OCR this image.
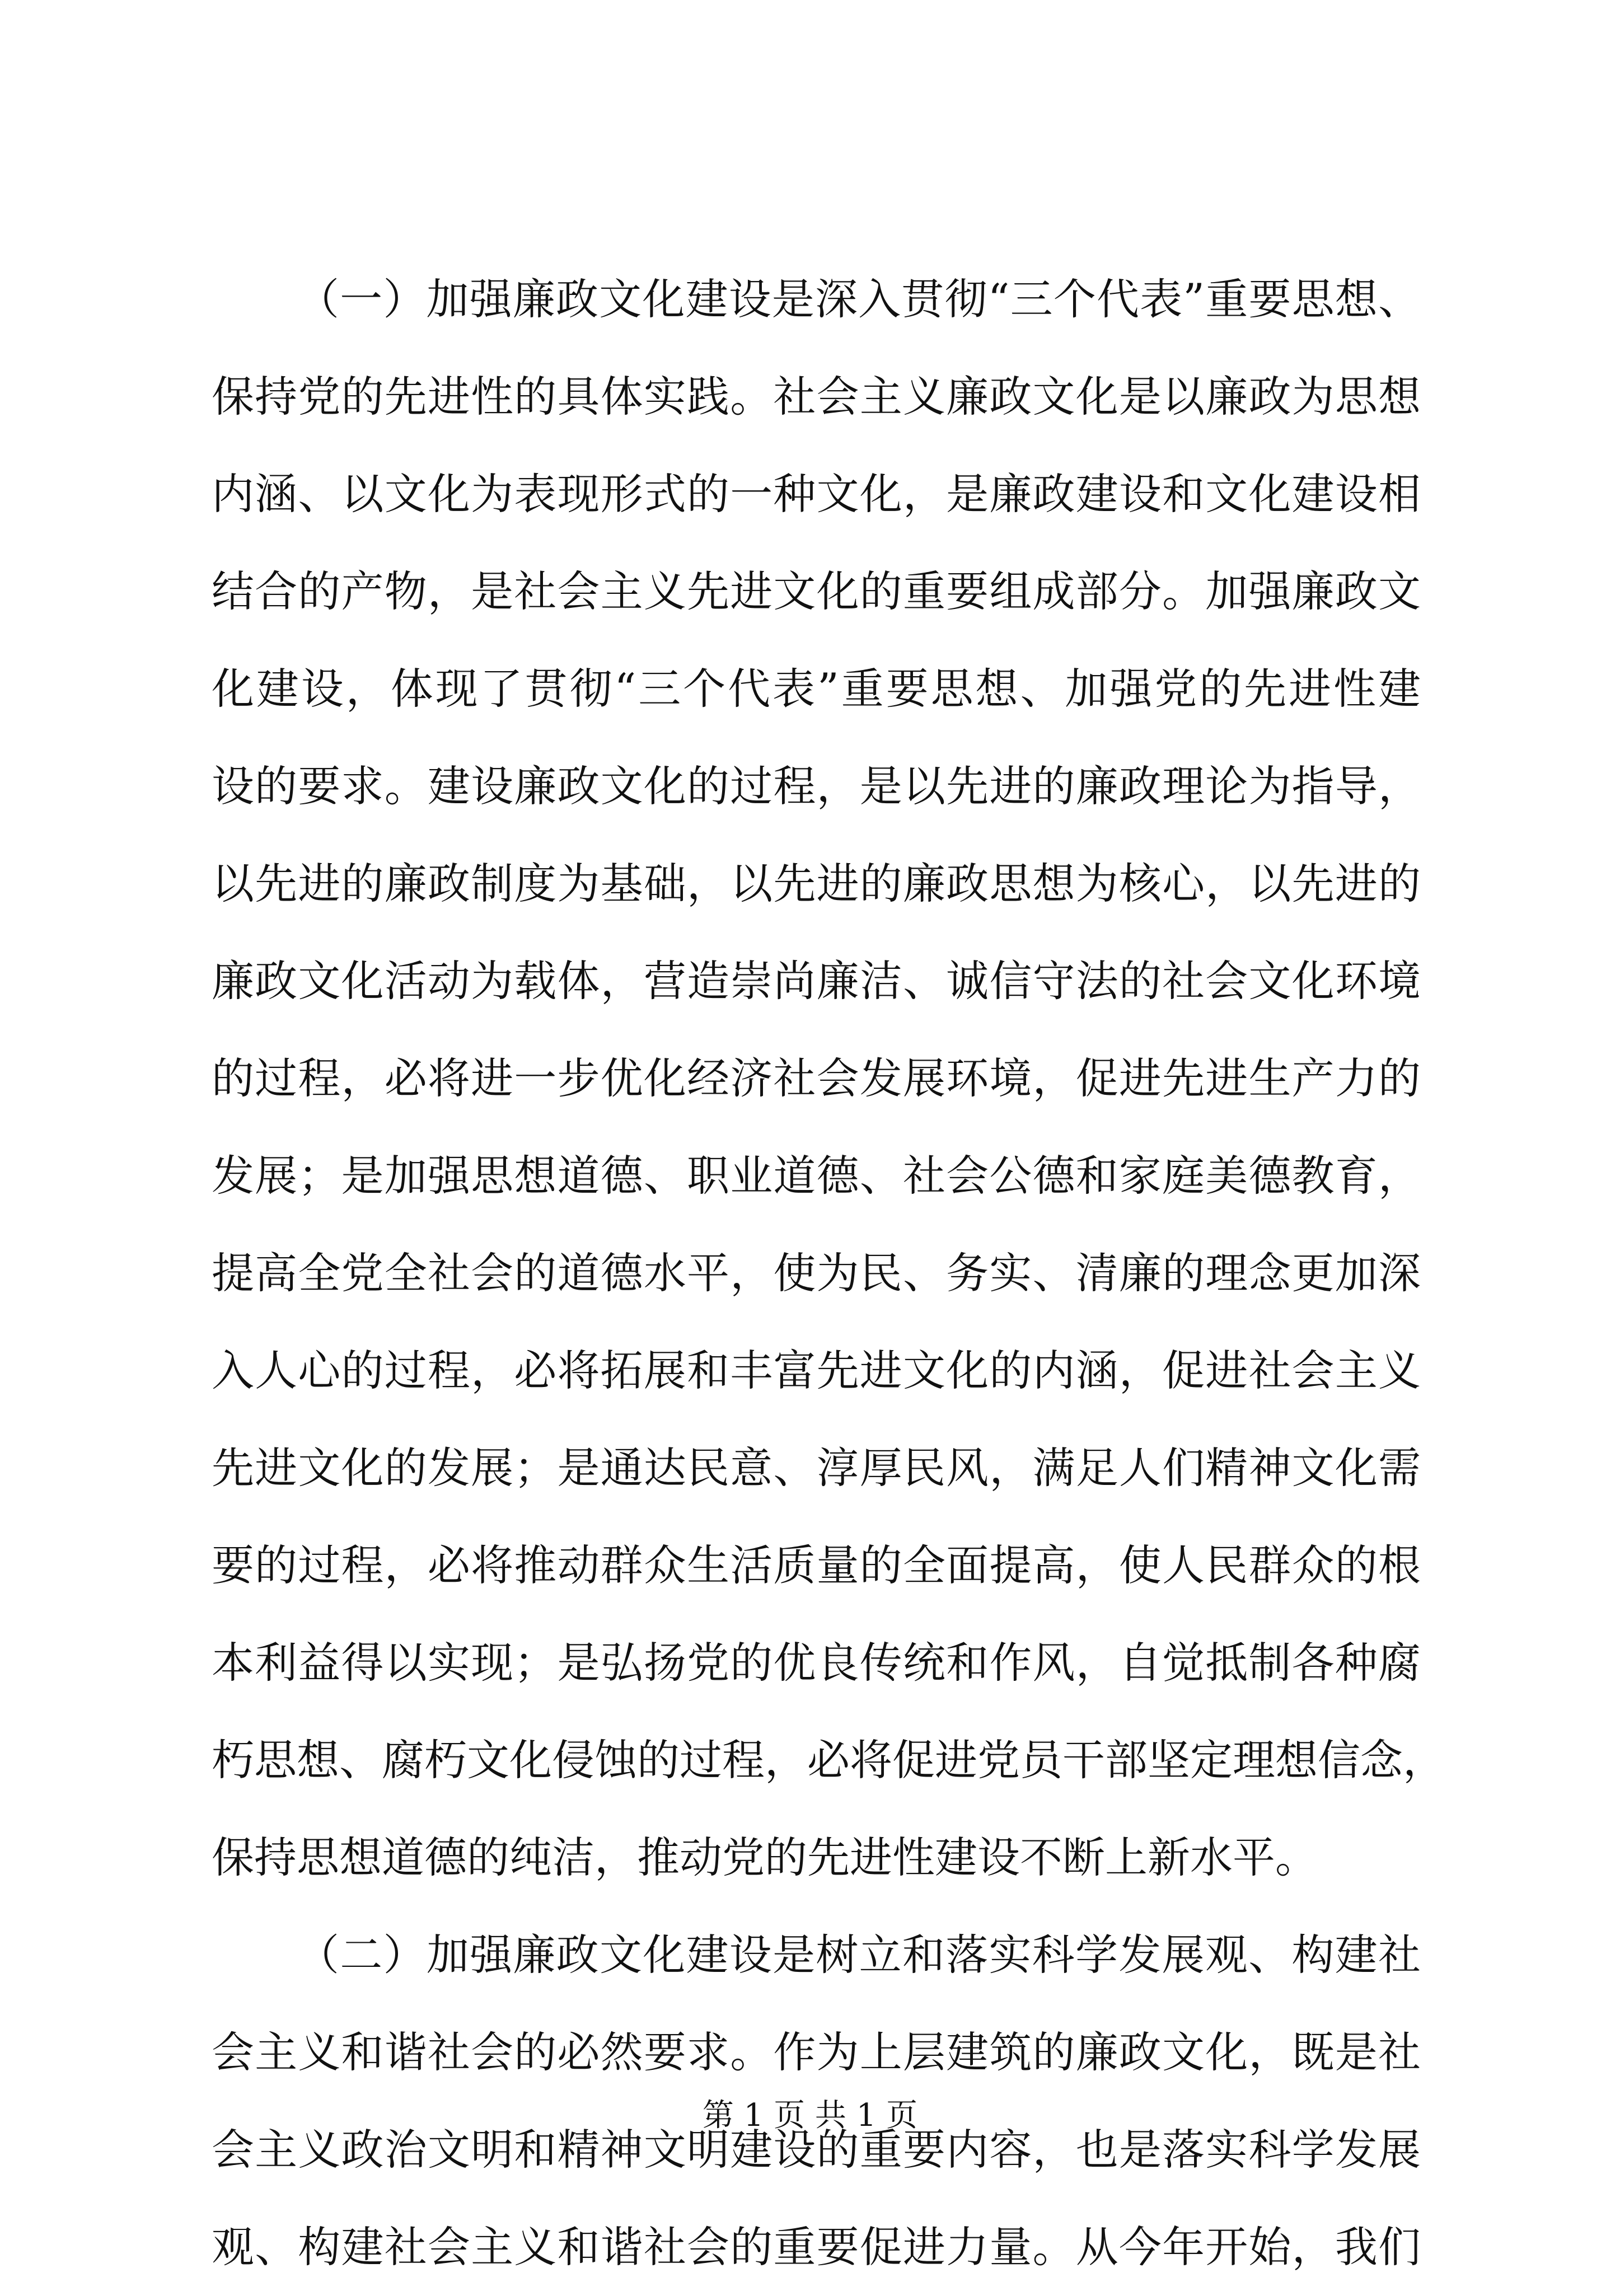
（一）加强廉政文化建设是深入贯彻“三个代表”重要思想、
保持党的先进性的具体实践。社会主义廉政文化是以廉政为思想
内涵、以文化为表现形式的一种文化，是廉政建设和文化建设相
结合的产物，是社会主义先进文化的重要组成部分。加强廉政文
化建设，体现了贯彻“三个代表”重要思想、加强党的先进性建
设的要求。建设廉政文化的过程，是以先进的廉政理论为指导，
以先进的廉政制度为基础，以先进的廉政思想为核心，以先进的
廉政文化活动为载体，营造崇尚廉洁、诚信守法的社会文化环境
的过程，必将进一步优化经济社会发展环境，促进先进生产力的
发展；是加强思想道德、职业道德、社会公德和家庭美德教育，
提高全党全社会的道德水平，使为民、务实、清廉的理念更加深
入人心的过程，必将拓展和丰富先进文化的内涵，促进社会主义
先进文化的发展；是通达民意、淳厚民风，满足人们精神文化需
要的过程，必将推动群众生活质量的全面提高，使人民群众的根
本利益得以实现；是弘扬党的优良传统和作风，自觉抵制各种腐
朽思想、腐朽文化侵蚀的过程，必将促进党员干部坚定理想信念，
保持思想道德的纯洁，推动党的先进性建设不断上新水平。
（二）加强廉政文化建设是树立和落实科学发展观、构建社
会主义和谐社会的必然要求。作为上层建筑的廉政文化，既是社
会主义政治文明和精神文明建设的重要内容，也是落实科学发展
观、构建社会主义和谐社会的重要促进力量。从今年开始，我们
第 1 页 共 1 页
